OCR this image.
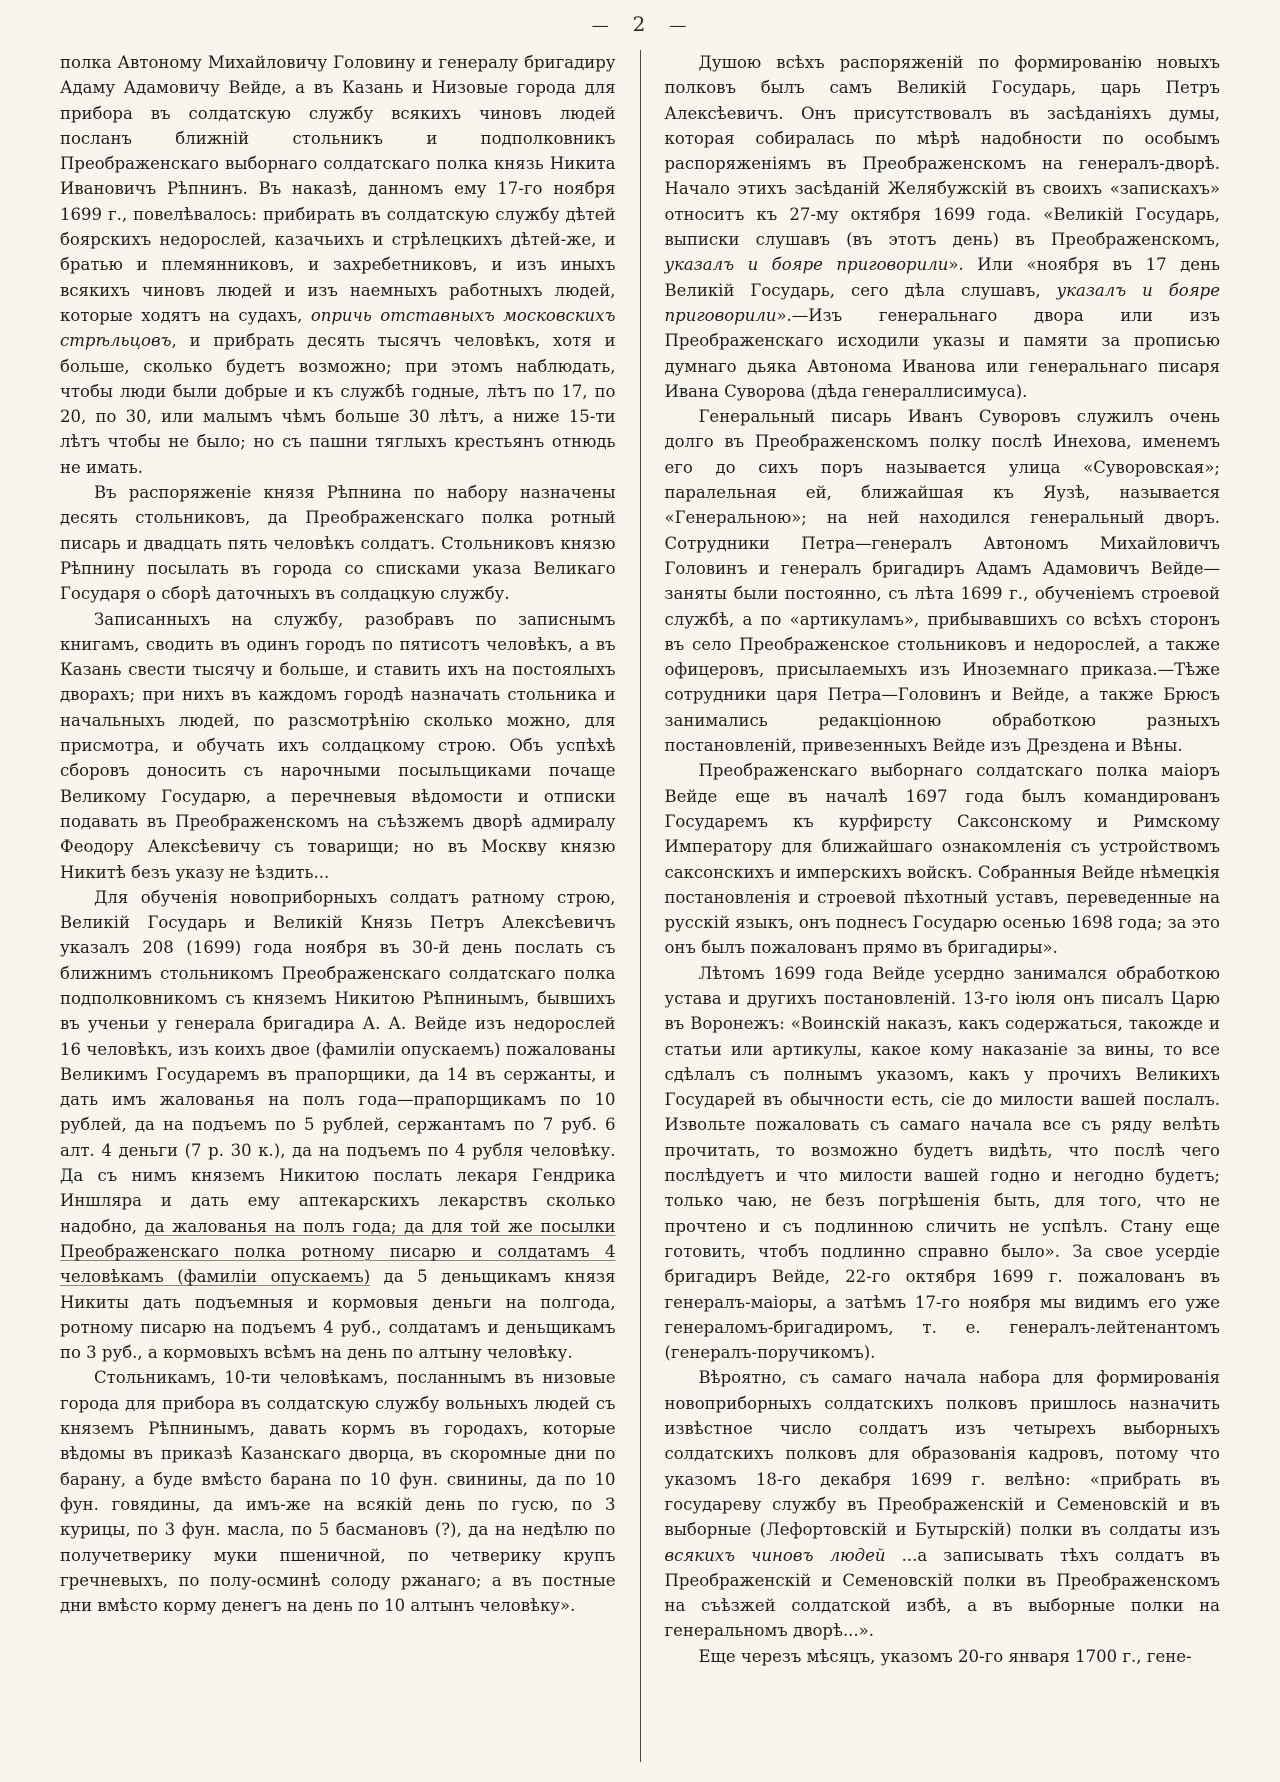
— 2 —

полка Автоному Михайловичу Головину и генералу бригадиру Адаму Адамовичу Вейде, а въ Казань и Низовые города для прибора въ солдатскую службу всякихъ чиновъ людей посланъ ближній стольникъ и подполковникъ Преображенскаго выборнаго солдатскаго полка князь Никита Ивановичъ Рѣпнинъ. Въ наказѣ, данномъ ему 17-го ноября 1699 г., повелѣвалось: прибирать въ солдатскую службу дѣтей боярскихъ недорослей, казачьихъ и стрѣлецкихъ дѣтей-же, и братью и племянниковъ, и захребетниковъ, и изъ иныхъ всякихъ чиновъ людей и изъ наемныхъ работныхъ людей, которые ходятъ на судахъ, опричь отставныхъ московскихъ стрѣльцовъ, и прибрать десять тысячъ человѣкъ, хотя и больше, сколько будетъ возможно; при этомъ наблюдать, чтобы люди были добрые и къ службѣ годные, лѣтъ по 17, по 20, по 30, или малымъ чѣмъ больше 30 лѣтъ, а ниже 15-ти лѣтъ чтобы не было; но съ пашни тяглыхъ крестьянъ отнюдь не имать.

Въ распоряженіе князя Рѣпнина по набору назначены десять стольниковъ, да Преображенскаго полка ротный писарь и двадцать пять человѣкъ солдатъ. Стольниковъ князю Рѣпнину посылать въ города со списками указа Великаго Государя о сборѣ даточныхъ въ солдацкую службу.

Записанныхъ на службу, разобравъ по записнымъ книгамъ, сводить въ одинъ городъ по пятисотъ человѣкъ, а въ Казань свести тысячу и больше, и ставить ихъ на постоялыхъ дворахъ; при нихъ въ каждомъ городѣ назначать стольника и начальныхъ людей, по разсмотрѣнію сколько можно, для присмотра, и обучать ихъ солдацкому строю. Объ успѣхѣ сборовъ доносить съ нарочными посыльщиками почаще Великому Государю, а перечневыя вѣдомости и отписки подавать въ Преображенскомъ на съѣзжемъ дворѣ адмиралу Феодору Алексѣевичу съ товарищи; но въ Москву князю Никитѣ безъ указу не ѣздить...

Для обученія новоприборныхъ солдатъ ратному строю, Великій Государь и Великій Князь Петръ Алексѣевичъ указалъ 208 (1699) года ноября въ 30-й день послать съ ближнимъ стольникомъ Преображенскаго солдатскаго полка подполковникомъ съ княземъ Никитою Рѣпнинымъ, бывшихъ въ ученьи у генерала бригадира А. А. Вейде изъ недорослей 16 человѣкъ, изъ коихъ двое (фамиліи опускаемъ) пожалованы Великимъ Государемъ въ прапорщики, да 14 въ сержанты, и дать имъ жалованья на полъ года—прапорщикамъ по 10 рублей, да на подъемъ по 5 рублей, сержантамъ по 7 руб. 6 алт. 4 деньги (7 р. 30 к.), да на подъемъ по 4 рубля человѣку. Да съ нимъ княземъ Никитою послать лекаря Гендрика Иншляра и дать ему аптекарскихъ лекарствъ сколько надобно, да жалованья на полъ года; да для той же посылки Преображенскаго полка ротному писарю и солдатамъ 4 человѣкамъ (фамиліи опускаемъ) да 5 деньщикамъ князя Никиты дать подъемныя и кормовыя деньги на полгода, ротному писарю на подъемъ 4 руб., солдатамъ и деньщикамъ по 3 руб., а кормовыхъ всѣмъ на день по алтыну человѣку.

Стольникамъ, 10-ти человѣкамъ, посланнымъ въ низовые города для прибора въ солдатскую службу вольныхъ людей съ княземъ Рѣпнинымъ, давать кормъ въ городахъ, которые вѣдомы въ приказѣ Казанскаго дворца, въ скоромные дни по барану, а буде вмѣсто барана по 10 фун. свинины, да по 10 фун. говядины, да имъ-же на всякій день по гусю, по 3 курицы, по 3 фун. масла, по 5 басмановъ (?), да на недѣлю по получетверику муки пшеничной, по четверику крупъ гречневыхъ, по полу-осминѣ солоду ржанаго; а въ постные дни вмѣсто корму денегъ на день по 10 алтынъ человѣку».

Душою всѣхъ распоряженій по формированію новыхъ полковъ былъ самъ Великій Государь, царь Петръ Алексѣевичъ. Онъ присутствовалъ въ засѣданіяхъ думы, которая собиралась по мѣрѣ надобности по особымъ распоряженіямъ въ Преображенскомъ на генералъ-дворѣ. Начало этихъ засѣданій Желябужскій въ своихъ «запискахъ» относитъ къ 27-му октября 1699 года. «Великій Государь, выписки слушавъ (въ этотъ день) въ Преображенскомъ, указалъ и бояре приговорили». Или «ноября въ 17 день Великій Государь, сего дѣла слушавъ, указалъ и бояре приговорили».—Изъ генеральнаго двора или изъ Преображенскаго исходили указы и памяти за прописью думнаго дьяка Автонома Иванова или генеральнаго писаря Ивана Суворова (дѣда генераллисимуса).

Генеральный писарь Иванъ Суворовъ служилъ очень долго въ Преображенскомъ полку послѣ Инехова, именемъ его до сихъ поръ называется улица «Суворовская»; паралельная ей, ближайшая къ Яузѣ, называется «Генеральною»; на ней находился генеральный дворъ. Сотрудники Петра—генералъ Автономъ Михайловичъ Головинъ и генералъ бригадиръ Адамъ Адамовичъ Вейде—заняты были постоянно, съ лѣта 1699 г., обученіемъ строевой службѣ, а по «артикуламъ», прибывавшихъ со всѣхъ сторонъ въ село Преображенское стольниковъ и недорослей, а также офицеровъ, присылаемыхъ изъ Иноземнаго приказа.—Тѣже сотрудники царя Петра—Головинъ и Вейде, а также Брюсъ занимались редакціонною обработкою разныхъ постановленій, привезенныхъ Вейде изъ Дрездена и Вѣны.

Преображенскаго выборнаго солдатскаго полка маіоръ Вейде еще въ началѣ 1697 года былъ командированъ Государемъ къ курфирсту Саксонскому и Римскому Императору для ближайшаго ознакомленія съ устройствомъ саксонскихъ и имперскихъ войскъ. Собранныя Вейде нѣмецкія постановленія и строевой пѣхотный уставъ, переведенные на русскій языкъ, онъ поднесъ Государю осенью 1698 года; за это онъ былъ пожалованъ прямо въ бригадиры».

Лѣтомъ 1699 года Вейде усердно занимался обработкою устава и другихъ постановленій. 13-го іюля онъ писалъ Царю въ Воронежъ: «Воинскій наказъ, какъ содержаться, такожде и статьи или артикулы, какое кому наказаніе за вины, то все сдѣлалъ съ полнымъ указомъ, какъ у прочихъ Великихъ Государей въ обычности есть, сіе до милости вашей послалъ. Извольте пожаловать съ самаго начала все съ ряду велѣть прочитать, то возможно будетъ видѣть, что послѣ чего послѣдуетъ и что милости вашей годно и негодно будетъ; только чаю, не безъ погрѣшенія быть, для того, что не прочтено и съ подлинною сличить не успѣлъ. Стану еще готовить, чтобъ подлинно справно было». За свое усердіе бригадиръ Вейде, 22-го октября 1699 г. пожалованъ въ генералъ-маіоры, а затѣмъ 17-го ноября мы видимъ его уже генераломъ-бригадиромъ, т. е. генералъ-лейтенантомъ (генералъ-поручикомъ).

Вѣроятно, съ самаго начала набора для формированія новоприборныхъ солдатскихъ полковъ пришлось назначить извѣстное число солдатъ изъ четырехъ выборныхъ солдатскихъ полковъ для образованія кадровъ, потому что указомъ 18-го декабря 1699 г. велѣно: «прибрать въ государеву службу въ Преображенскій и Семеновскій и въ выборные (Лефортовскій и Бутырскій) полки въ солдаты изъ всякихъ чиновъ людей ...а записывать тѣхъ солдатъ въ Преображенскій и Семеновскій полки въ Преображенскомъ на съѣзжей солдатской избѣ, а въ выборные полки на генеральномъ дворѣ...».

Еще черезъ мѣсяцъ, указомъ 20-го января 1700 г., гене-
